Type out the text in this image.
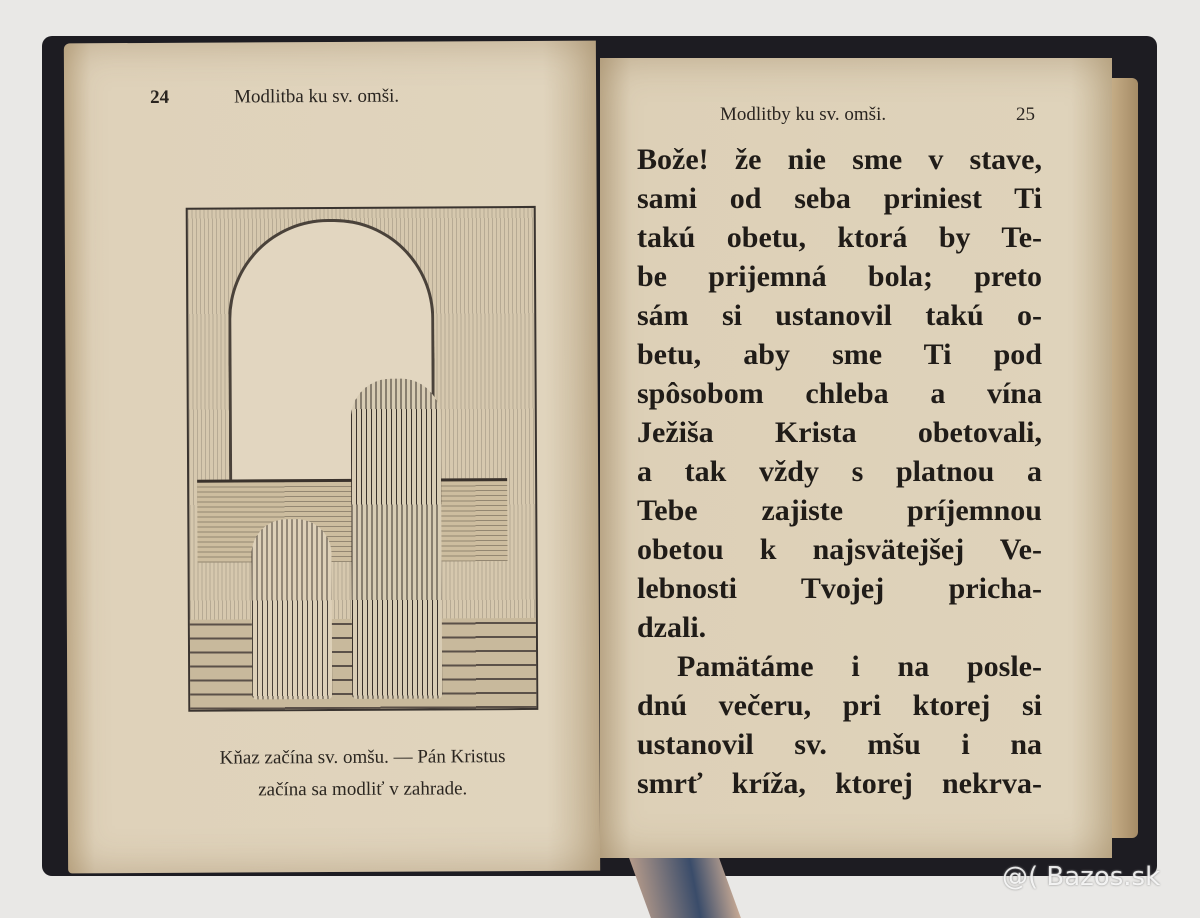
24	Modlitba ku sv. omši.
Kňaz začína sv. omšu. — Pán Kristus
začína sa modliť v zahrade.
Modlitby ku sv. omši.	25
Bože! že nie sme v stave,
sami od seba priniest Ti
takú obetu, ktorá by Te-
be prijemná bola; preto
sám si ustanovil takú o-
betu, aby sme Ti pod
spôsobom chleba a vína
Ježiša Krista obetovali,
a tak vždy s platnou a
Tebe zajiste príjemnou
obetou k najsvätejšej Ve-
lebnosti Tvojej pricha-
dzali.
Pamätáme i na posle-
dnú večeru, pri ktorej si
ustanovil sv. mšu i na
smrť kríža, ktorej nekrva-
@( Bazos.sk
